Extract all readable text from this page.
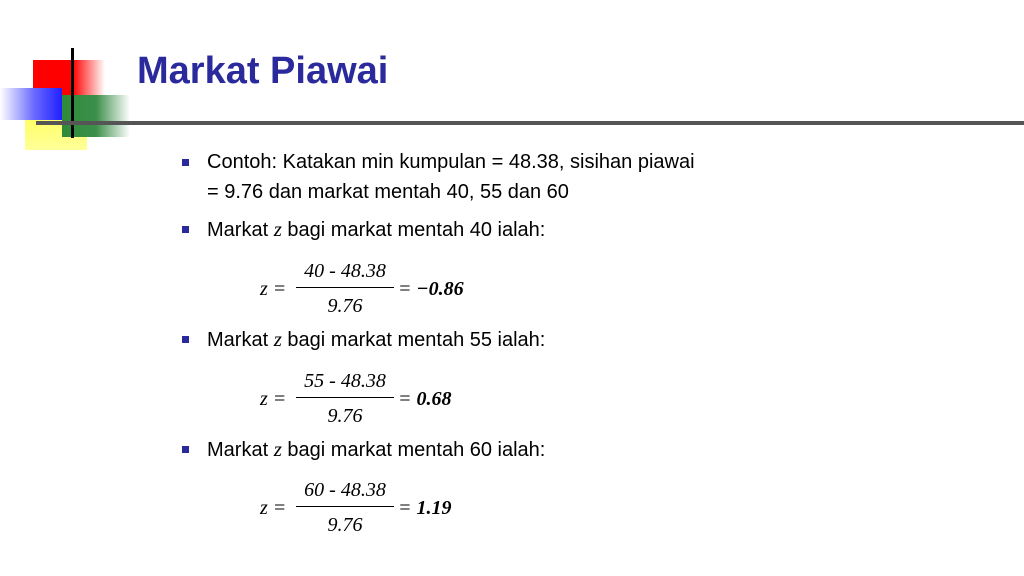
Markat Piawai
Contoh: Katakan min kumpulan = 48.38, sisihan piawai
= 9.76 dan markat mentah 40, 55 dan 60
Markat z bagi markat mentah 40 ialah:
Markat z bagi markat mentah 55 ialah:
Markat z bagi markat mentah 60 ialah:
z =
40 - 48.38
9.76
= −0.86
z =
55 - 48.38
9.76
= 0.68
z =
60 - 48.38
9.76
= 1.19
